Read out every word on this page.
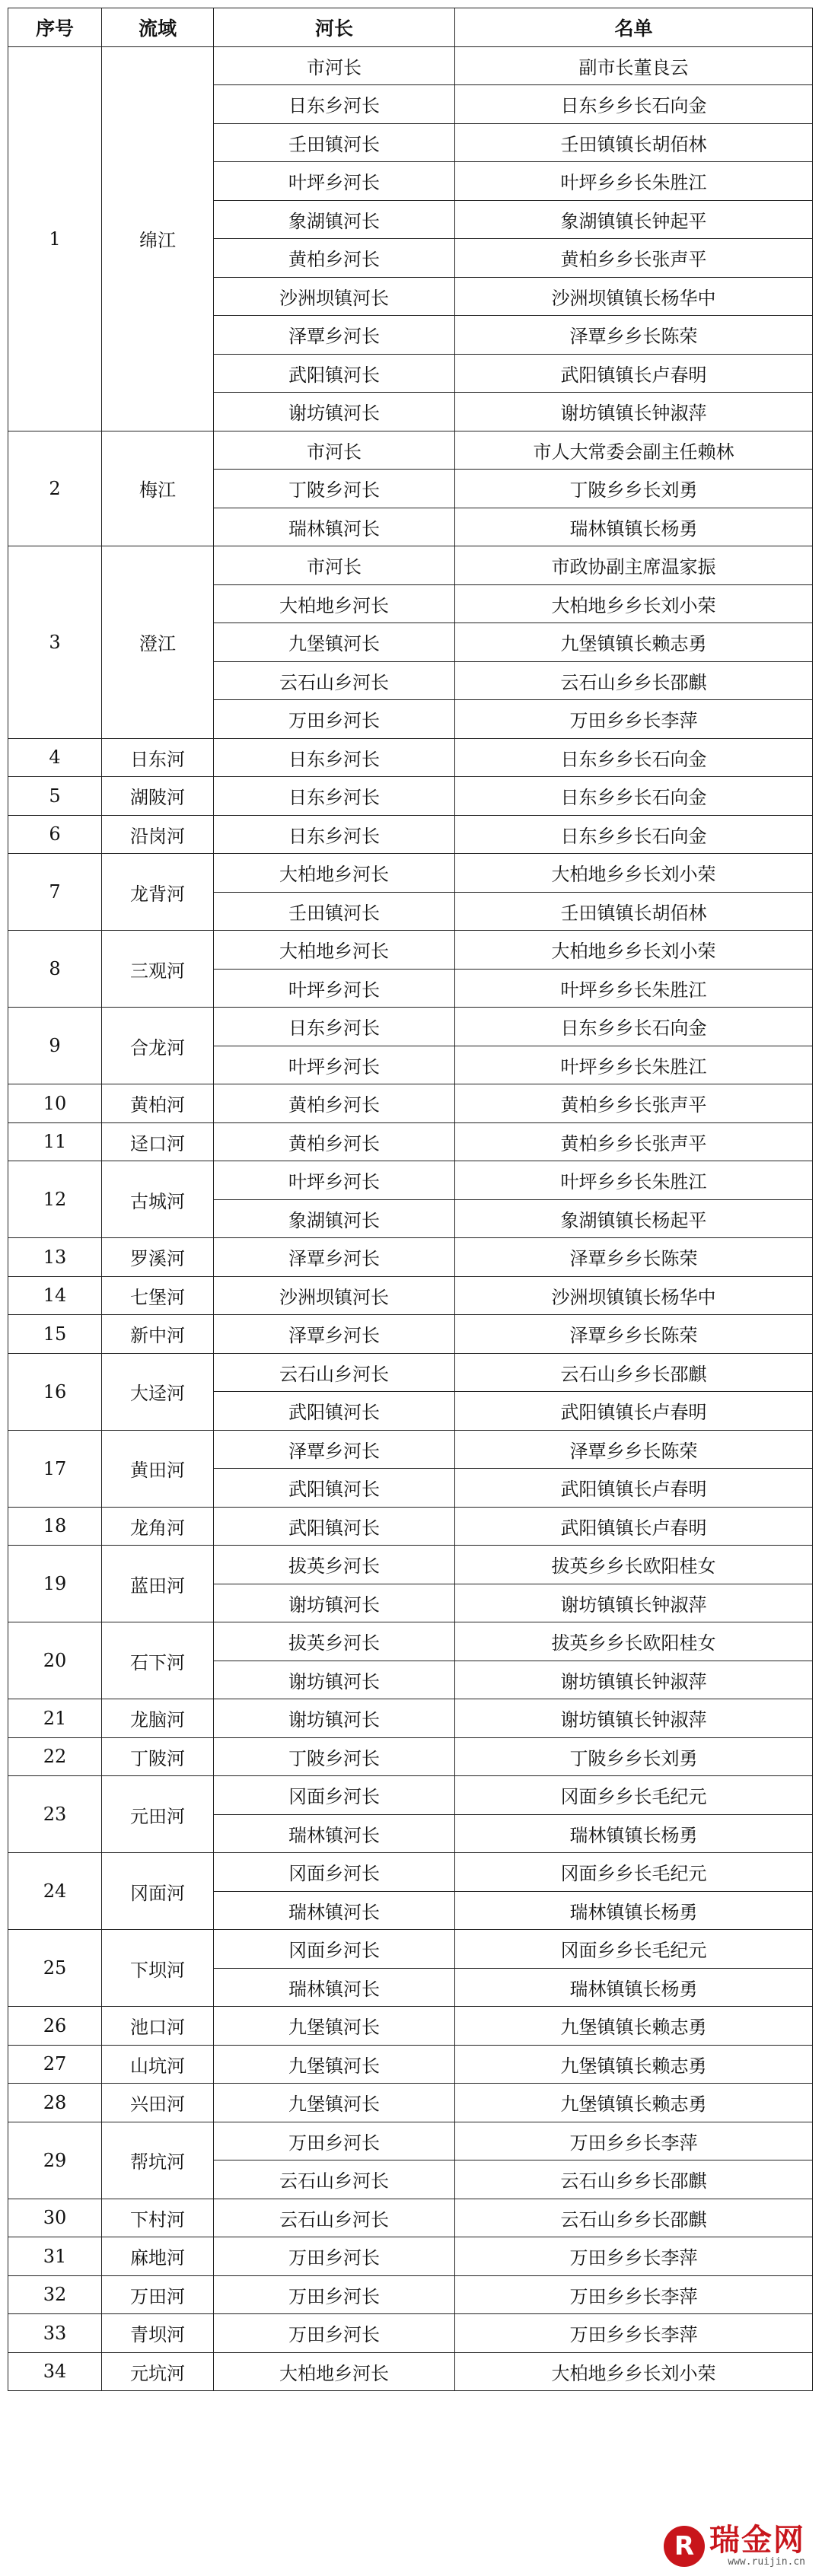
序号	流域	河长	名单
1	绵江	市河长	副市长董良云
		日东乡河长	日东乡乡长石向金
		壬田镇河长	壬田镇镇长胡佰林
		叶坪乡河长	叶坪乡乡长朱胜江
		象湖镇河长	象湖镇镇长钟起平
		黄柏乡河长	黄柏乡乡长张声平
		沙洲坝镇河长	沙洲坝镇镇长杨华中
		泽覃乡河长	泽覃乡乡长陈荣
		武阳镇河长	武阳镇镇长卢春明
		谢坊镇河长	谢坊镇镇长钟淑萍
2	梅江	市河长	市人大常委会副主任赖林
		丁陂乡河长	丁陂乡乡长刘勇
		瑞林镇河长	瑞林镇镇长杨勇
3	澄江	市河长	市政协副主席温家振
		大柏地乡河长	大柏地乡乡长刘小荣
		九堡镇河长	九堡镇镇长赖志勇
		云石山乡河长	云石山乡乡长邵麒
		万田乡河长	万田乡乡长李萍
4	日东河	日东乡河长	日东乡乡长石向金
5	湖陂河	日东乡河长	日东乡乡长石向金
6	沿岗河	日东乡河长	日东乡乡长石向金
7	龙背河	大柏地乡河长	大柏地乡乡长刘小荣
		壬田镇河长	壬田镇镇长胡佰林
8	三观河	大柏地乡河长	大柏地乡乡长刘小荣
		叶坪乡河长	叶坪乡乡长朱胜江
9	合龙河	日东乡河长	日东乡乡长石向金
		叶坪乡河长	叶坪乡乡长朱胜江
10	黄柏河	黄柏乡河长	黄柏乡乡长张声平
11	迳口河	黄柏乡河长	黄柏乡乡长张声平
12	古城河	叶坪乡河长	叶坪乡乡长朱胜江
		象湖镇河长	象湖镇镇长杨起平
13	罗溪河	泽覃乡河长	泽覃乡乡长陈荣
14	七堡河	沙洲坝镇河长	沙洲坝镇镇长杨华中
15	新中河	泽覃乡河长	泽覃乡乡长陈荣
16	大迳河	云石山乡河长	云石山乡乡长邵麒
		武阳镇河长	武阳镇镇长卢春明
17	黄田河	泽覃乡河长	泽覃乡乡长陈荣
		武阳镇河长	武阳镇镇长卢春明
18	龙角河	武阳镇河长	武阳镇镇长卢春明
19	蓝田河	拔英乡河长	拔英乡乡长欧阳桂女
		谢坊镇河长	谢坊镇镇长钟淑萍
20	石下河	拔英乡河长	拔英乡乡长欧阳桂女
		谢坊镇河长	谢坊镇镇长钟淑萍
21	龙脑河	谢坊镇河长	谢坊镇镇长钟淑萍
22	丁陂河	丁陂乡河长	丁陂乡乡长刘勇
23	元田河	冈面乡河长	冈面乡乡长毛纪元
		瑞林镇河长	瑞林镇镇长杨勇
24	冈面河	冈面乡河长	冈面乡乡长毛纪元
		瑞林镇河长	瑞林镇镇长杨勇
25	下坝河	冈面乡河长	冈面乡乡长毛纪元
		瑞林镇河长	瑞林镇镇长杨勇
26	池口河	九堡镇河长	九堡镇镇长赖志勇
27	山坑河	九堡镇河长	九堡镇镇长赖志勇
28	兴田河	九堡镇河长	九堡镇镇长赖志勇
29	帮坑河	万田乡河长	万田乡乡长李萍
		云石山乡河长	云石山乡乡长邵麒
30	下村河	云石山乡河长	云石山乡乡长邵麒
31	麻地河	万田乡河长	万田乡乡长李萍
32	万田河	万田乡河长	万田乡乡长李萍
33	青坝河	万田乡河长	万田乡乡长李萍
34	元坑河	大柏地乡河长	大柏地乡乡长刘小荣
R 瑞金网
www.ruijin.cn
